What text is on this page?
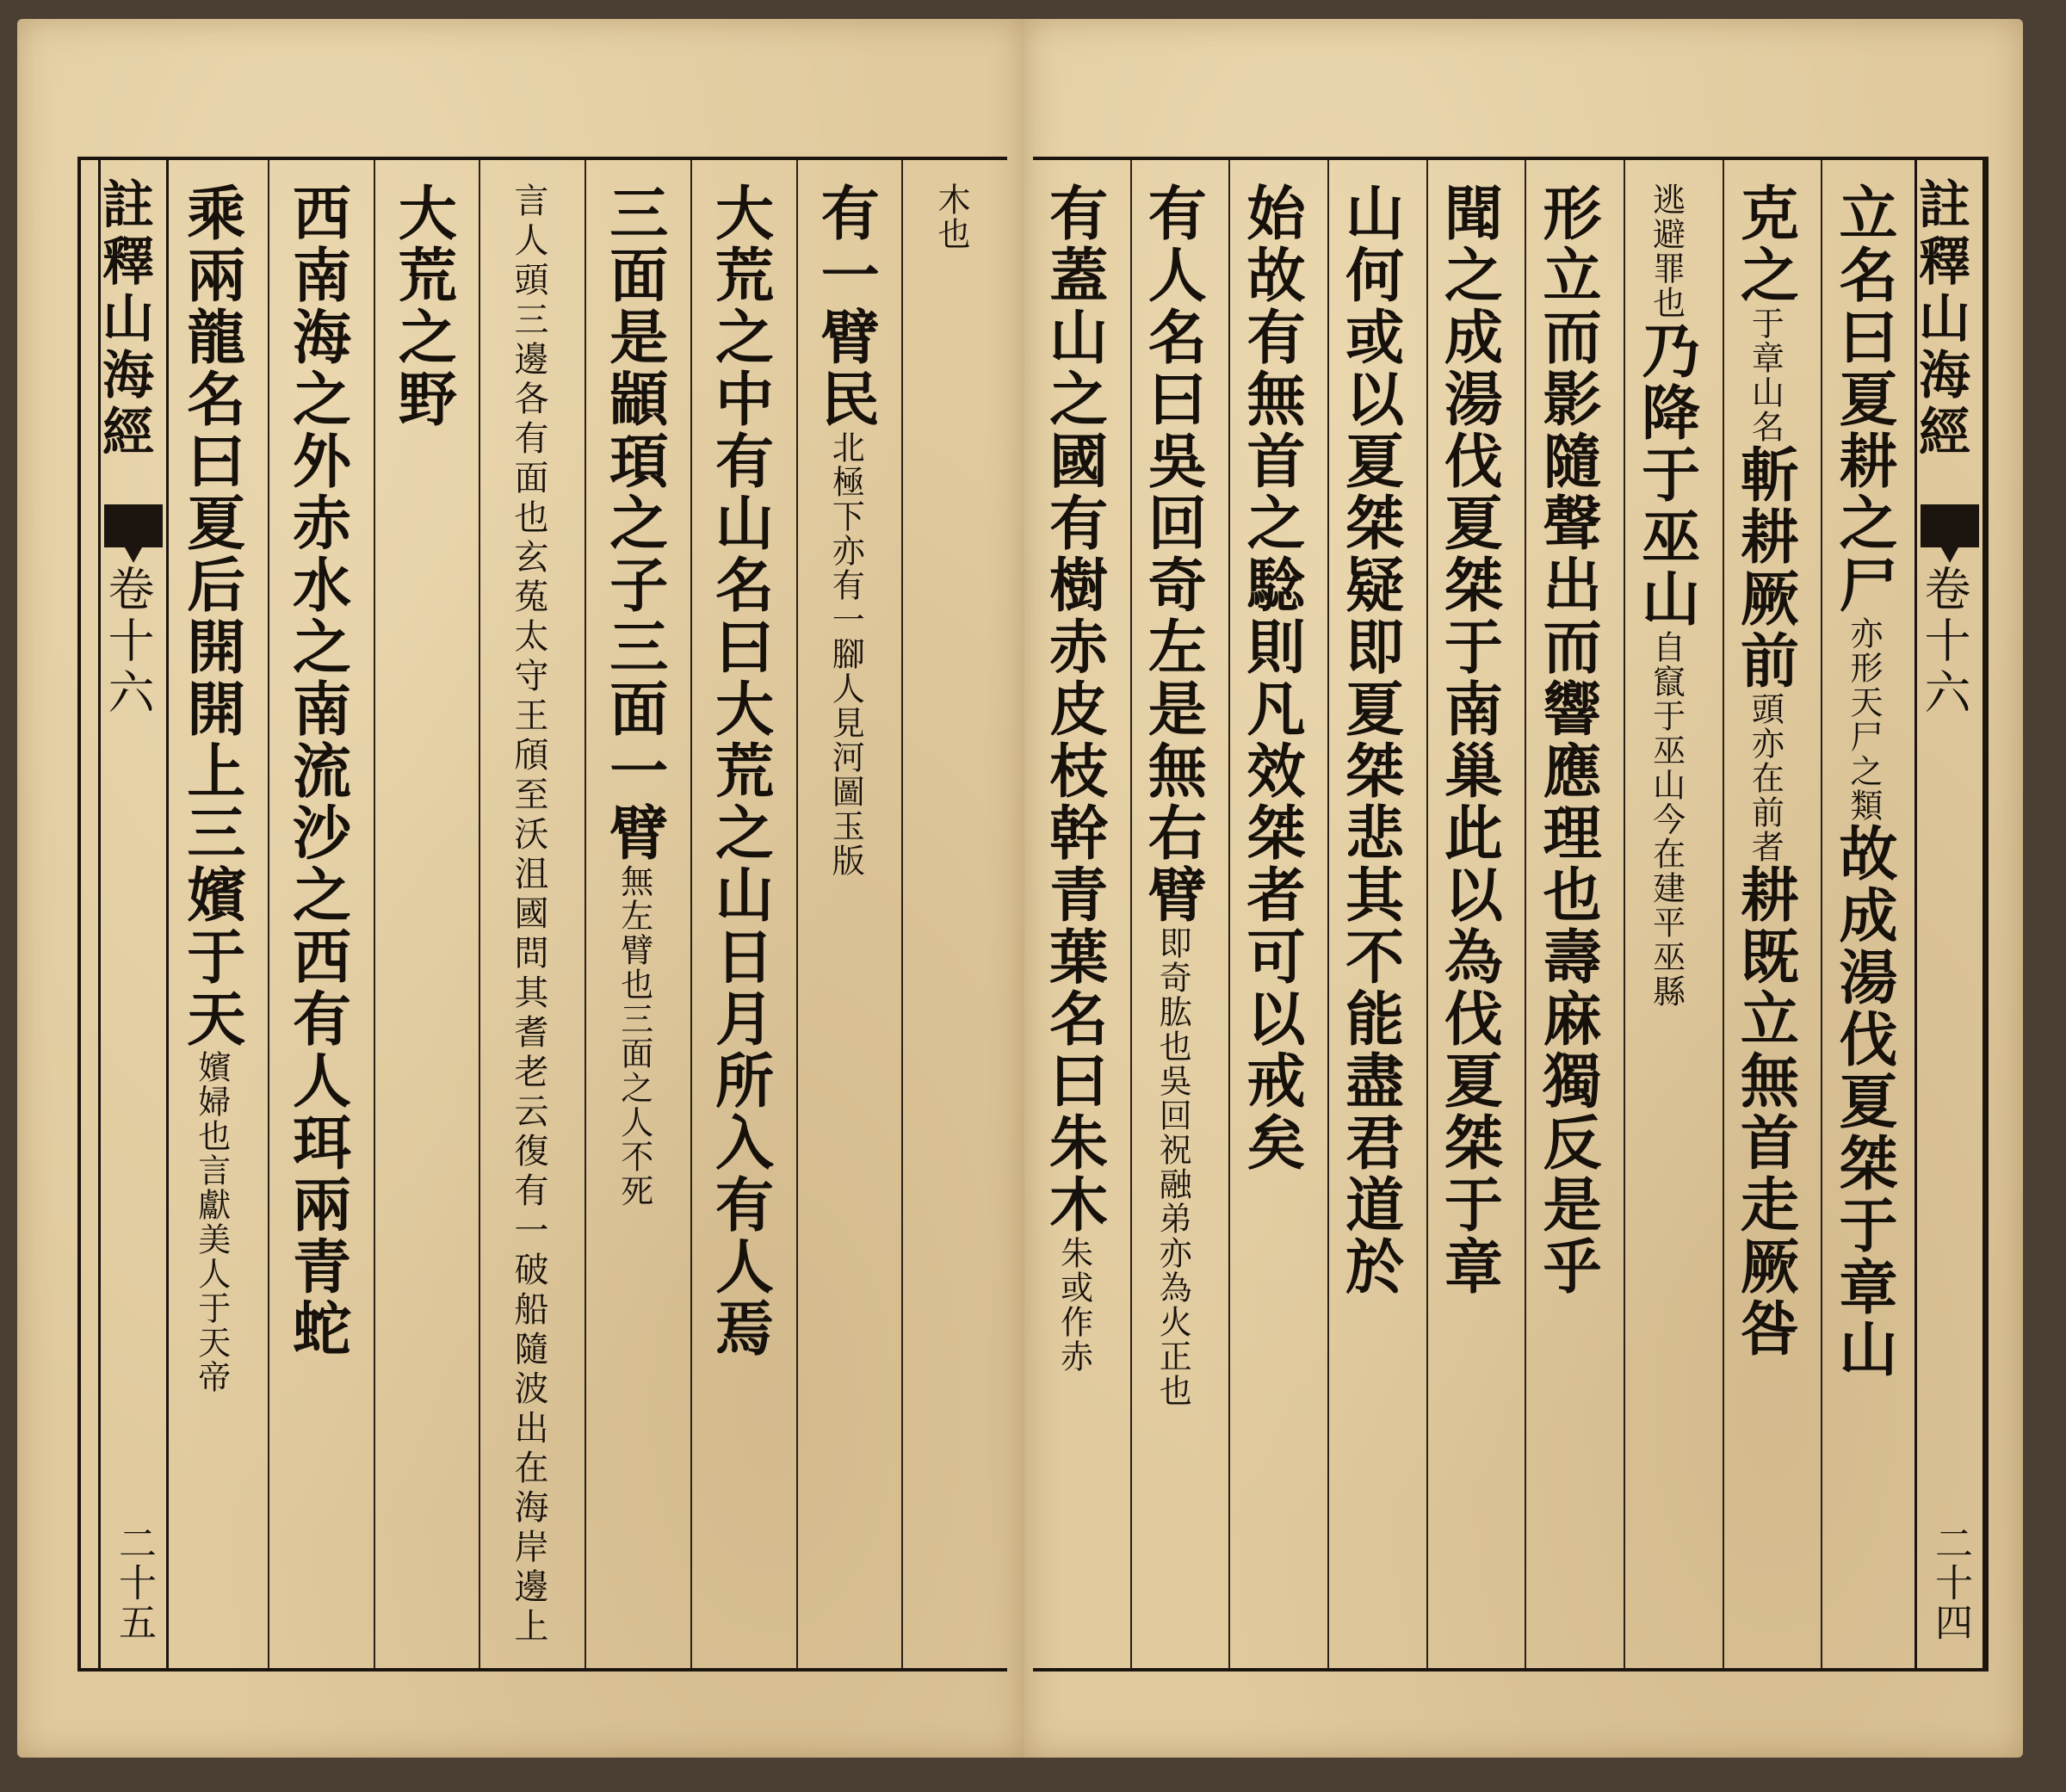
註釋山海經
卷十六
二十四
立名曰夏耕之尸亦形天尸之類故成湯伐夏桀于章山
克之于章山名斬耕厥前頭亦在前者耕既立無首走厥咎
逃避罪也乃降于巫山自竄于巫山今在建平巫縣
形立而影隨聲出而響應理也壽麻獨反是乎
聞之成湯伐夏桀于南巢此以為伐夏桀于章
山何或以夏桀疑即夏桀悲其不能盡君道於
始故有無首之騐則凡效桀者可以戒矣
有人名曰吳回奇左是無右臂即奇肱也吳回祝融弟亦為火正也
有蓋山之國有樹赤皮枝幹青葉名曰朱木朱或作赤
註釋山海經
卷十六
二十五
木也
有一臂民北極下亦有一腳人見河圖玉版
大荒之中有山名曰大荒之山日月所入有人焉
三面是顓頊之子三面一臂無左臂也三面之人不死
言人頭三邊各有面也玄菟太守王頎至沃沮國問其耆老云復有一破船隨波出在海岸邊上
大荒之野
西南海之外赤水之南流沙之西有人珥兩青蛇
乘兩龍名曰夏后開開上三嬪于天嬪婦也言獻美人于天帝
